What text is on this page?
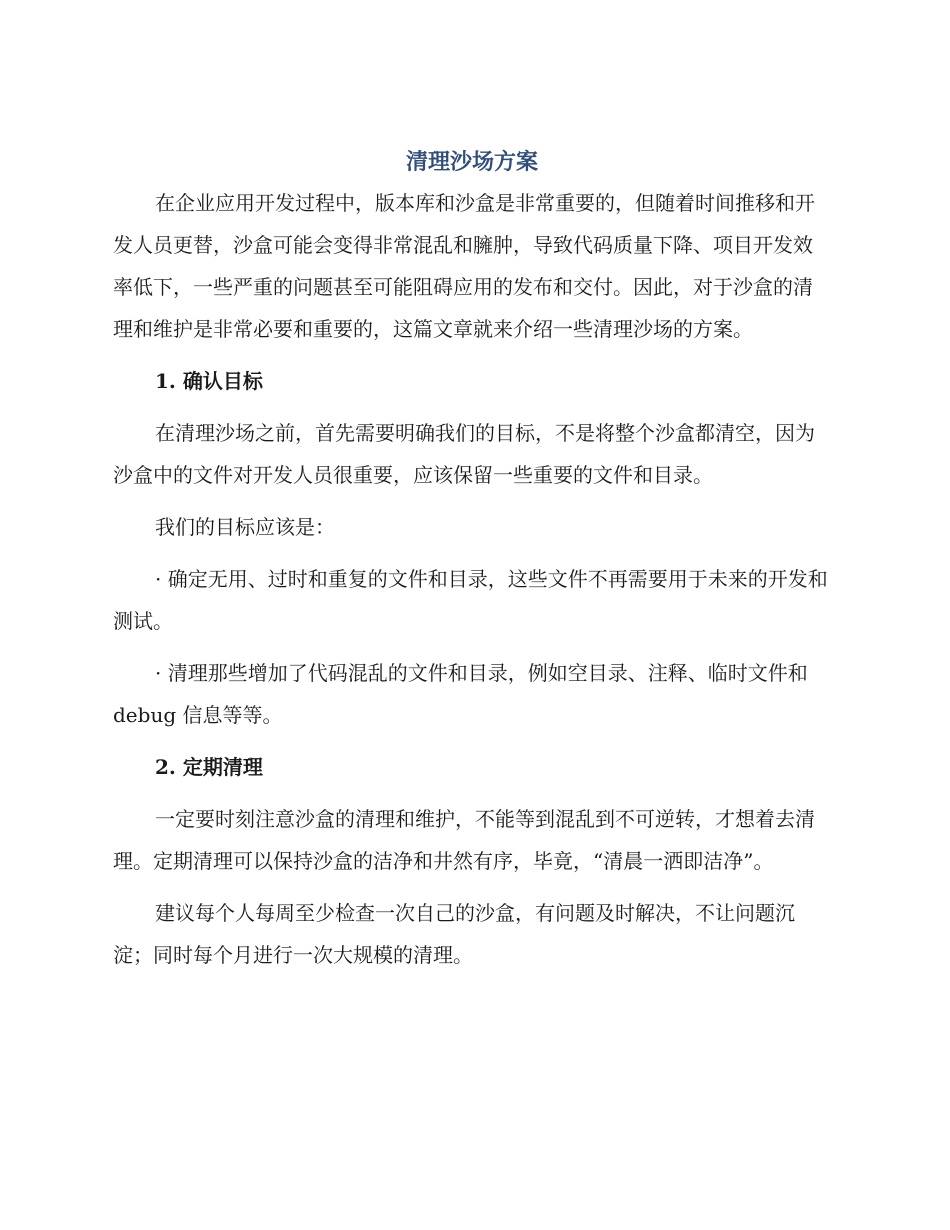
清理沙场方案

在企业应用开发过程中，版本库和沙盒是非常重要的，但随着时间推移和开发人员更替，沙盒可能会变得非常混乱和臃肿，导致代码质量下降、项目开发效率低下，一些严重的问题甚至可能阻碍应用的发布和交付。因此，对于沙盒的清理和维护是非常必要和重要的，这篇文章就来介绍一些清理沙场的方案。

1. 确认目标

在清理沙场之前，首先需要明确我们的目标，不是将整个沙盒都清空，因为沙盒中的文件对开发人员很重要，应该保留一些重要的文件和目录。

我们的目标应该是：

· 确定无用、过时和重复的文件和目录，这些文件不再需要用于未来的开发和测试。

· 清理那些增加了代码混乱的文件和目录，例如空目录、注释、临时文件和 debug 信息等等。

2. 定期清理

一定要时刻注意沙盒的清理和维护，不能等到混乱到不可逆转，才想着去清理。定期清理可以保持沙盒的洁净和井然有序，毕竟，“清晨一洒即洁净”。

建议每个人每周至少检查一次自己的沙盒，有问题及时解决，不让问题沉淀；同时每个月进行一次大规模的清理。
